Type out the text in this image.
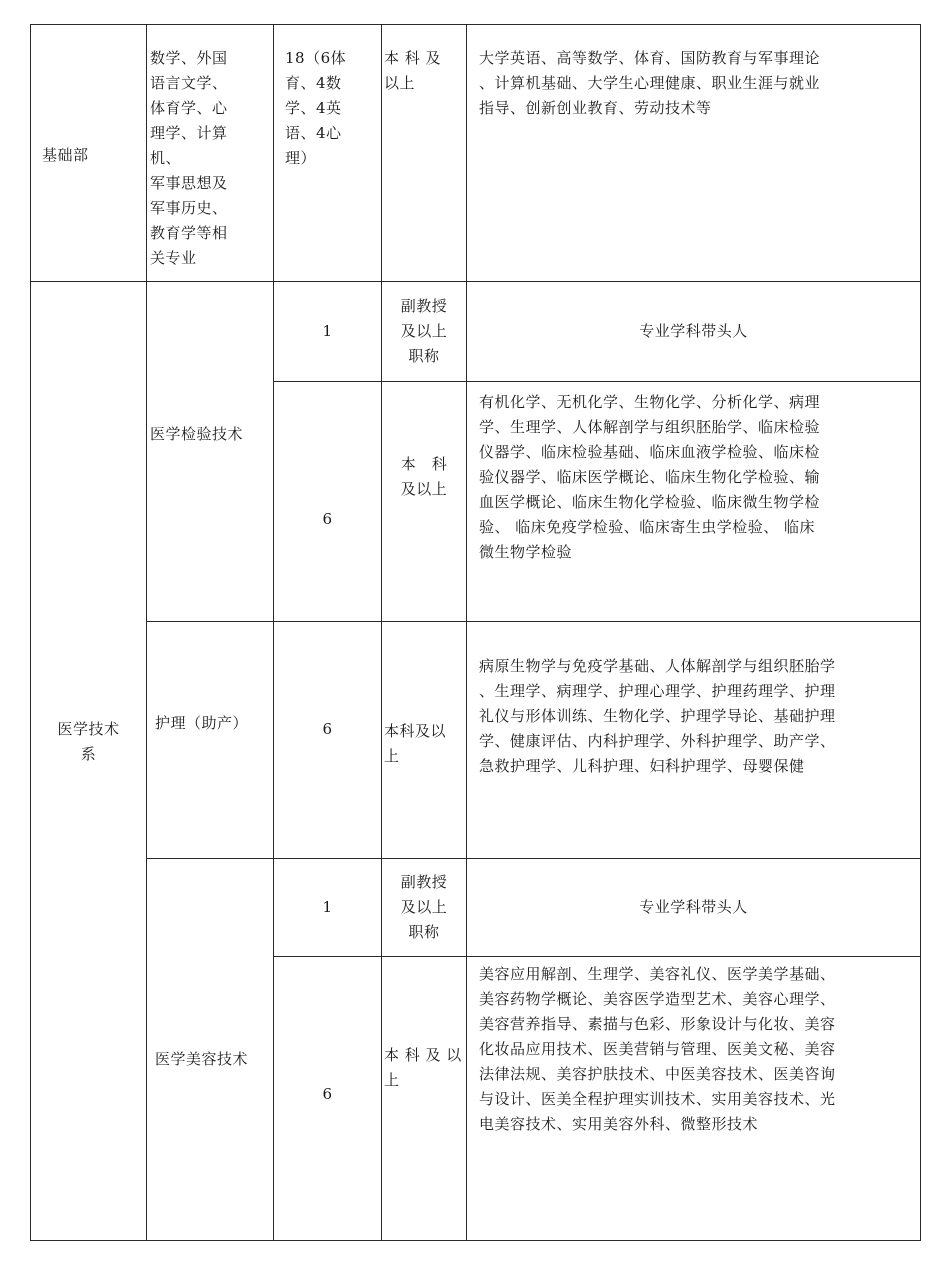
基础部
数学、外国
语言文学、
体育学、心
理学、计算
机、
军事思想及
军事历史、
教育学等相
关专业
18（6体
育、4数
学、4英
语、4心
理）
本 科 及
以上
大学英语、高等数学、体育、国防教育与军事理论
、计算机基础、大学生心理健康、职业生涯与就业
指导、创新创业教育、劳动技术等
医学技术
系
医学检验技术
1
副教授
及以上
职称
专业学科带头人
6
本　科
及以上
有机化学、无机化学、生物化学、分析化学、病理
学、生理学、人体解剖学与组织胚胎学、临床检验
仪器学、临床检验基础、临床血液学检验、临床检
验仪器学、临床医学概论、临床生物化学检验、输
血医学概论、临床生物化学检验、临床微生物学检
验、 临床免疫学检验、临床寄生虫学检验、 临床
微生物学检验
护理（助产）	6	本科及以
上
病原生物学与免疫学基础、人体解剖学与组织胚胎学
、生理学、病理学、护理心理学、护理药理学、护理
礼仪与形体训练、生物化学、护理学导论、基础护理
学、健康评估、内科护理学、外科护理学、助产学、
急救护理学、儿科护理、妇科护理学、母婴保健
医学美容技术
1
副教授
及以上
职称
专业学科带头人
6
本 科 及 以
上
美容应用解剖、生理学、美容礼仪、医学美学基础、
美容药物学概论、美容医学造型艺术、美容心理学、
美容营养指导、素描与色彩、形象设计与化妆、美容
化妆品应用技术、医美营销与管理、医美文秘、美容
法律法规、美容护肤技术、中医美容技术、医美咨询
与设计、医美全程护理实训技术、实用美容技术、光
电美容技术、实用美容外科、微整形技术
